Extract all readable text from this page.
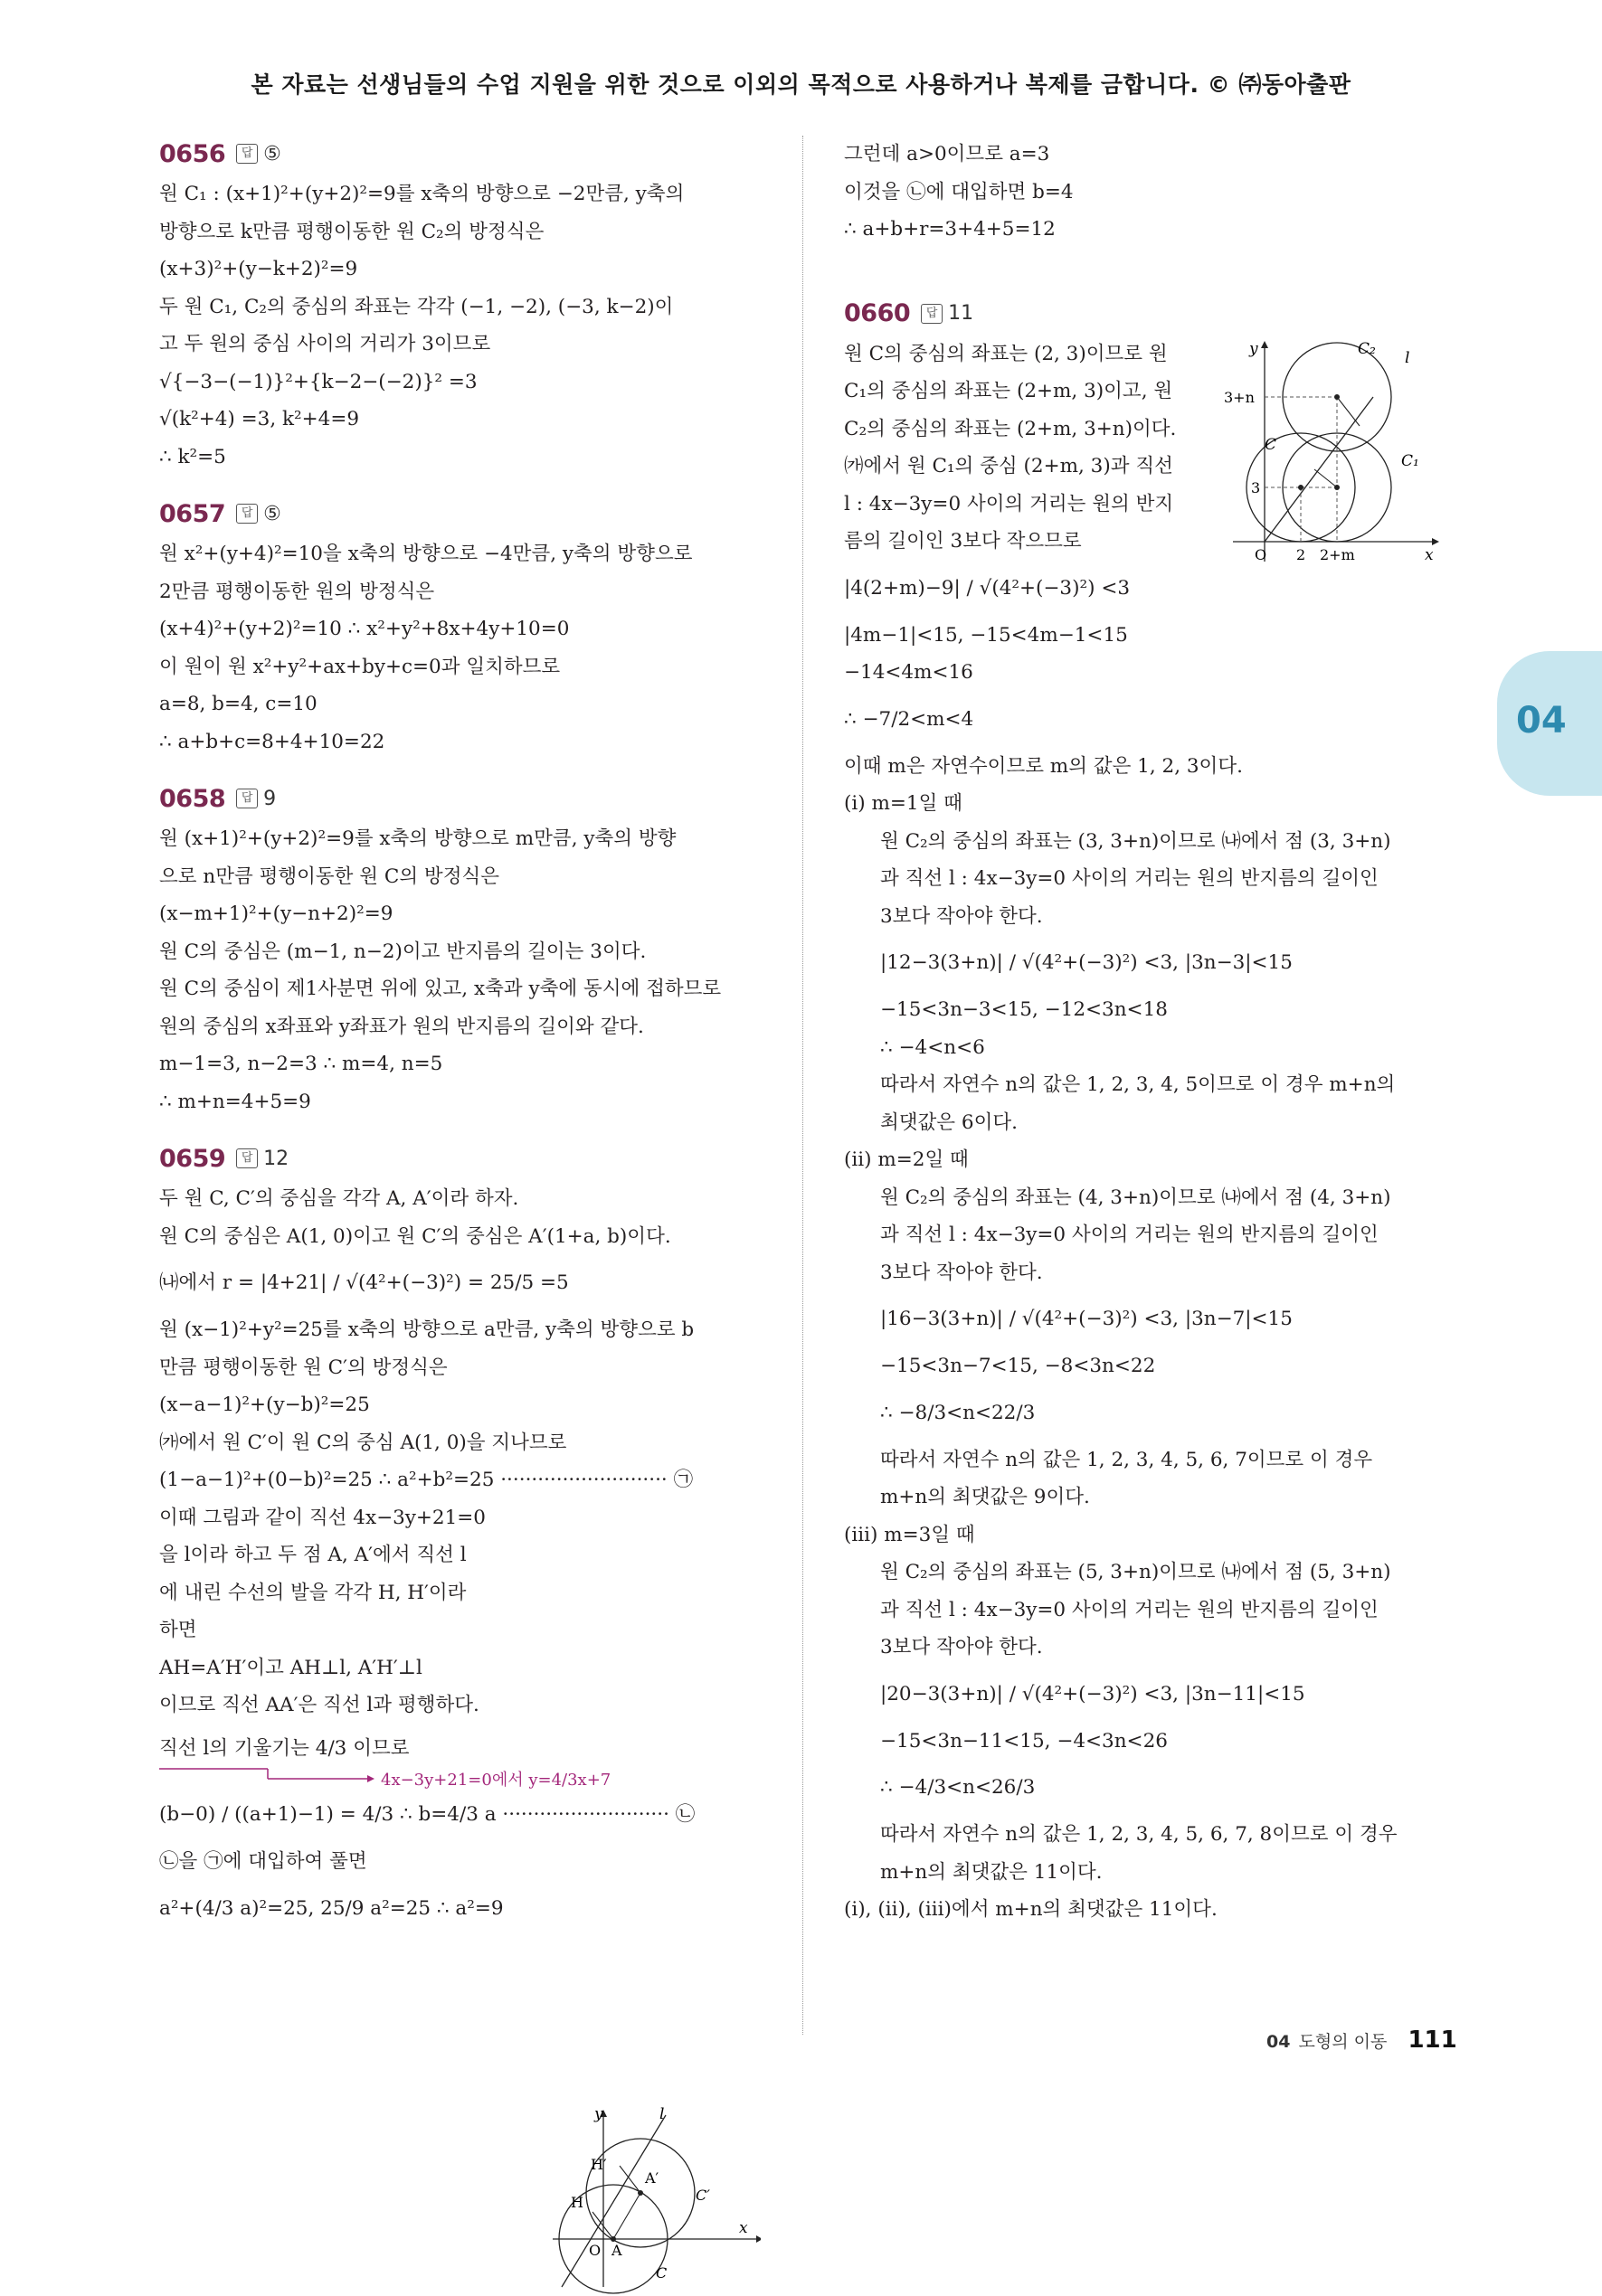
본 자료는 선생님들의 수업 지원을 위한 것으로 이외의 목적으로 사용하거나 복제를 금합니다. © ㈜동아출판
04
0656	답 ⑤
원 C₁ : (x+1)²+(y+2)²=9를 x축의 방향으로 −2만큼, y축의
방향으로 k만큼 평행이동한 원 C₂의 방정식은
(x+3)²+(y−k+2)²=9
두 원 C₁, C₂의 중심의 좌표는 각각 (−1, −2), (−3, k−2)이
고 두 원의 중심 사이의 거리가 3이므로
√{−3−(−1)}²+{k−2−(−2)}² =3
√(k²+4) =3, k²+4=9
∴ k²=5
0657	답 ⑤
원 x²+(y+4)²=10을 x축의 방향으로 −4만큼, y축의 방향으로
2만큼 평행이동한 원의 방정식은
(x+4)²+(y+2)²=10 ∴ x²+y²+8x+4y+10=0
이 원이 원 x²+y²+ax+by+c=0과 일치하므로
a=8, b=4, c=10
∴ a+b+c=8+4+10=22
0658	답 9
원 (x+1)²+(y+2)²=9를 x축의 방향으로 m만큼, y축의 방향
으로 n만큼 평행이동한 원 C의 방정식은
(x−m+1)²+(y−n+2)²=9
원 C의 중심은 (m−1, n−2)이고 반지름의 길이는 3이다.
원 C의 중심이 제1사분면 위에 있고, x축과 y축에 동시에 접하므로
원의 중심의 x좌표와 y좌표가 원의 반지름의 길이와 같다.
m−1=3, n−2=3 ∴ m=4, n=5
∴ m+n=4+5=9
0659	답 12
두 원 C, C′의 중심을 각각 A, A′이라 하자.
원 C의 중심은 A(1, 0)이고 원 C′의 중심은 A′(1+a, b)이다.
㈏에서 r = |4+21| / √(4²+(−3)²) = 25/5 =5
원 (x−1)²+y²=25를 x축의 방향으로 a만큼, y축의 방향으로 b
만큼 평행이동한 원 C′의 방정식은
(x−a−1)²+(y−b)²=25
㈎에서 원 C′이 원 C의 중심 A(1, 0)을 지나므로
(1−a−1)²+(0−b)²=25 ∴ a²+b²=25 ··························· ㉠
이때 그림과 같이 직선 4x−3y+21=0
을 l이라 하고 두 점 A, A′에서 직선 l
에 내린 수선의 발을 각각 H, H′이라
하면
AH=A′H′이고 AH⊥l, A′H′⊥l
이므로 직선 AA′은 직선 l과 평행하다.
직선 l의 기울기는 4/3 이므로
4x−3y+21=0에서 y=4/3x+7
(b−0) / ((a+1)−1) = 4/3 ∴ b=4/3 a ··························· ㉡
㉡을 ㉠에 대입하여 풀면
a²+(4/3 a)²=25, 25/9 a²=25 ∴ a²=9
y	l
H′
A′
H	C′
O A
x
C
그런데 a>0이므로 a=3
이것을 ㉡에 대입하면 b=4
∴ a+b+r=3+4+5=12
0660	답 11
원 C의 중심의 좌표는 (2, 3)이므로 원
C₁의 중심의 좌표는 (2+m, 3)이고, 원
C₂의 중심의 좌표는 (2+m, 3+n)이다.
㈎에서 원 C₁의 중심 (2+m, 3)과 직선
l : 4x−3y=0 사이의 거리는 원의 반지
름의 길이인 3보다 작으므로
|4(2+m)−9| / √(4²+(−3)²) <3
|4m−1|<15, −15<4m−1<15
−14<4m<16
∴ −7/2<m<4
이때 m은 자연수이므로 m의 값은 1, 2, 3이다.
(i) m=1일 때
원 C₂의 중심의 좌표는 (3, 3+n)이므로 ㈏에서 점 (3, 3+n)
과 직선 l : 4x−3y=0 사이의 거리는 원의 반지름의 길이인
3보다 작아야 한다.
|12−3(3+n)| / √(4²+(−3)²) <3, |3n−3|<15
−15<3n−3<15, −12<3n<18
∴ −4<n<6
따라서 자연수 n의 값은 1, 2, 3, 4, 5이므로 이 경우 m+n의
최댓값은 6이다.
(ii) m=2일 때
원 C₂의 중심의 좌표는 (4, 3+n)이므로 ㈏에서 점 (4, 3+n)
과 직선 l : 4x−3y=0 사이의 거리는 원의 반지름의 길이인
3보다 작아야 한다.
|16−3(3+n)| / √(4²+(−3)²) <3, |3n−7|<15
−15<3n−7<15, −8<3n<22
∴ −8/3<n<22/3
따라서 자연수 n의 값은 1, 2, 3, 4, 5, 6, 7이므로 이 경우
m+n의 최댓값은 9이다.
(iii) m=3일 때
원 C₂의 중심의 좌표는 (5, 3+n)이므로 ㈏에서 점 (5, 3+n)
과 직선 l : 4x−3y=0 사이의 거리는 원의 반지름의 길이인
3보다 작아야 한다.
|20−3(3+n)| / √(4²+(−3)²) <3, |3n−11|<15
−15<3n−11<15, −4<3n<26
∴ −4/3<n<26/3
따라서 자연수 n의 값은 1, 2, 3, 4, 5, 6, 7, 8이므로 이 경우
m+n의 최댓값은 11이다.
(i), (ii), (iii)에서 m+n의 최댓값은 11이다.
y	C₂ l
3+n
C
C₁
3
O 2 2+m	x
04 도형의 이동 111
